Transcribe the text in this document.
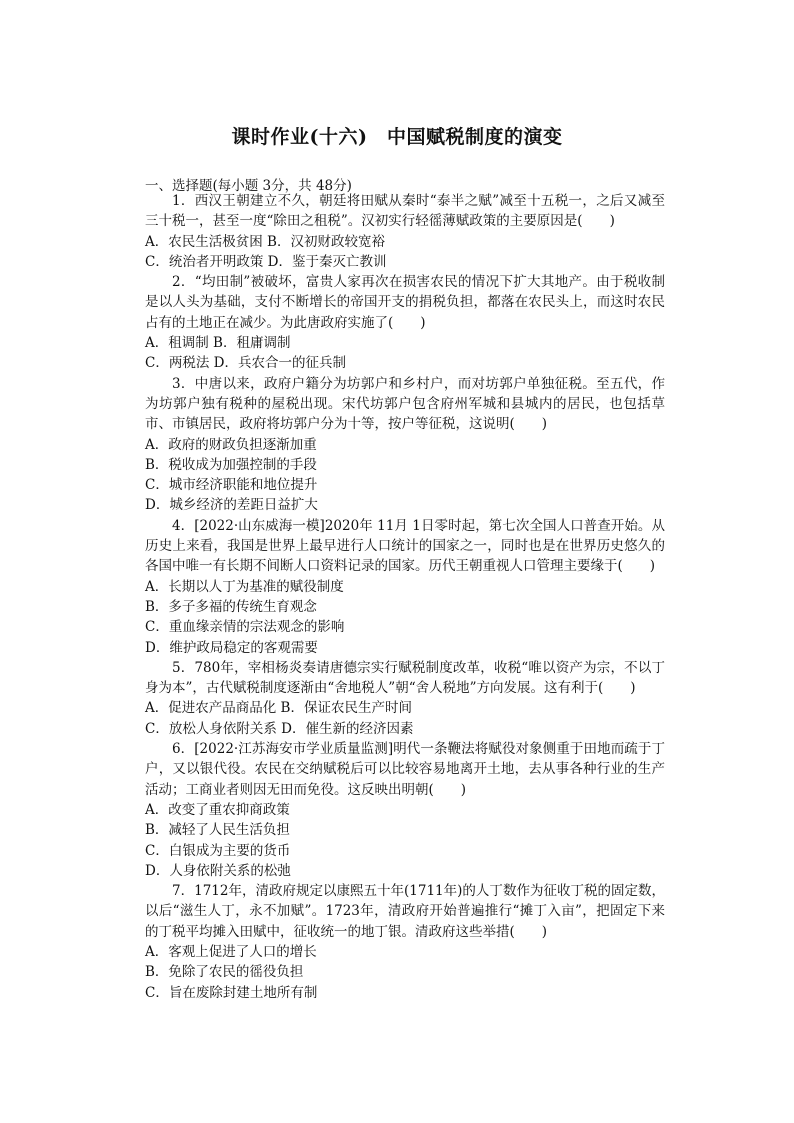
课时作业(十六)　中国赋税制度的演变
一、选择题(每小题 3分，共 48分)

1．西汉王朝建立不久，朝廷将田赋从秦时“泰半之赋”减至十五税一，之后又减至三十税一，甚至一度“除田之租税”。汉初实行轻徭薄赋政策的主要原因是(　　)

A．农民生活极贫困 B．汉初财政较宽裕

C．统治者开明政策 D．鉴于秦灭亡教训

2．“均田制”被破坏，富贵人家再次在损害农民的情况下扩大其地产。由于税收制是以人头为基础，支付不断增长的帝国开支的捐税负担，都落在农民头上，而这时农民占有的土地正在减少。为此唐政府实施了(　　)

A．租调制 B．租庸调制

C．两税法 D．兵农合一的征兵制

3．中唐以来，政府户籍分为坊郭户和乡村户，而对坊郭户单独征税。至五代，作为坊郭户独有税种的屋税出现。宋代坊郭户包含府州军城和县城内的居民，也包括草市、市镇居民，政府将坊郭户分为十等，按户等征税，这说明(　　)

A．政府的财政负担逐渐加重

B．税收成为加强控制的手段

C．城市经济职能和地位提升

D．城乡经济的差距日益扩大

4．[2022·山东威海一模]2020年 11月 1日零时起，第七次全国人口普查开始。从历史上来看，我国是世界上最早进行人口统计的国家之一，同时也是在世界历史悠久的各国中唯一有长期不间断人口资料记录的国家。历代王朝重视人口管理主要缘于(　　)

A．长期以人丁为基准的赋役制度

B．多子多福的传统生育观念

C．重血缘亲情的宗法观念的影响

D．维护政局稳定的客观需要

5．780年，宰相杨炎奏请唐德宗实行赋税制度改革，收税“唯以资产为宗，不以丁身为本”，古代赋税制度逐渐由“舍地税人”朝“舍人税地”方向发展。这有利于(　　)

A．促进农产品商品化 B．保证农民生产时间

C．放松人身依附关系 D．催生新的经济因素

6．[2022·江苏海安市学业质量监测]明代一条鞭法将赋役对象侧重于田地而疏于丁户，又以银代役。农民在交纳赋税后可以比较容易地离开土地，去从事各种行业的生产活动；工商业者则因无田而免役。这反映出明朝(　　)

A．改变了重农抑商政策

B．减轻了人民生活负担

C．白银成为主要的货币

D．人身依附关系的松弛

7．1712年，清政府规定以康熙五十年(1711年)的人丁数作为征收丁税的固定数，以后“滋生人丁，永不加赋”。1723年，清政府开始普遍推行“摊丁入亩”，把固定下来的丁税平均摊入田赋中，征收统一的地丁银。清政府这些举措(　　)

A．客观上促进了人口的增长

B．免除了农民的徭役负担

C．旨在废除封建土地所有制
